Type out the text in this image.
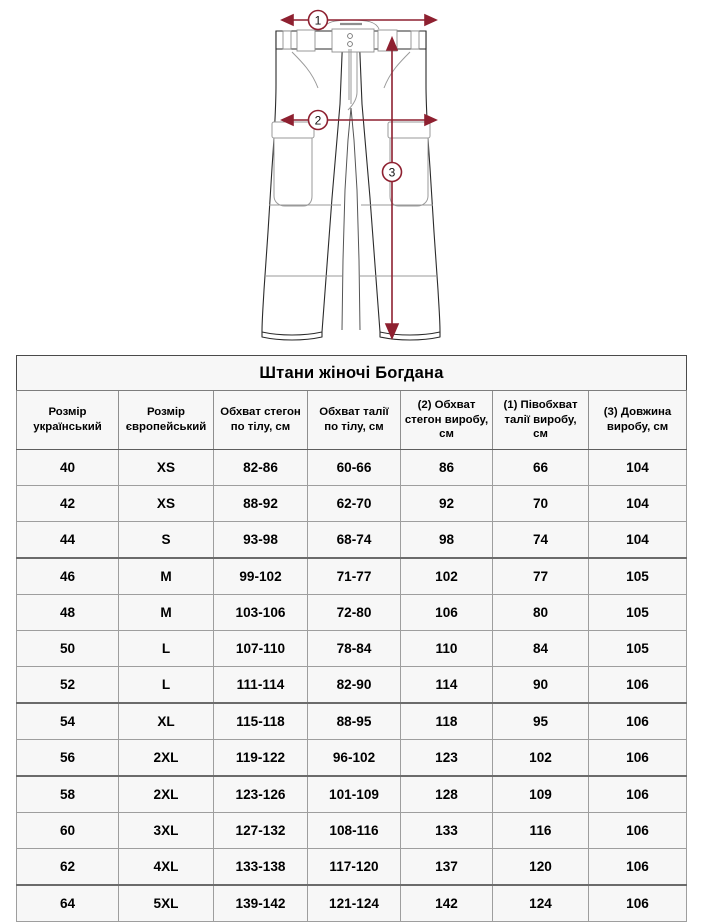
1
2
3
Штани жіночі Богдана						
Розмір український	Розмір європейський	Обхват стегон по тілу, см	Обхват талії по тілу, см	(2) Обхват стегон виробу, см	(1) Півобхват талії виробу, см	(3) Довжина виробу, см
40	XS	82-86	60-66	86	66	104
42	XS	88-92	62-70	92	70	104
44	S	93-98	68-74	98	74	104
46	M	99-102	71-77	102	77	105
48	M	103-106	72-80	106	80	105
50	L	107-110	78-84	110	84	105
52	L	111-114	82-90	114	90	106
54	XL	115-118	88-95	118	95	106
56	2XL	119-122	96-102	123	102	106
58	2XL	123-126	101-109	128	109	106
60	3XL	127-132	108-116	133	116	106
62	4XL	133-138	117-120	137	120	106
64	5XL	139-142	121-124	142	124	106
